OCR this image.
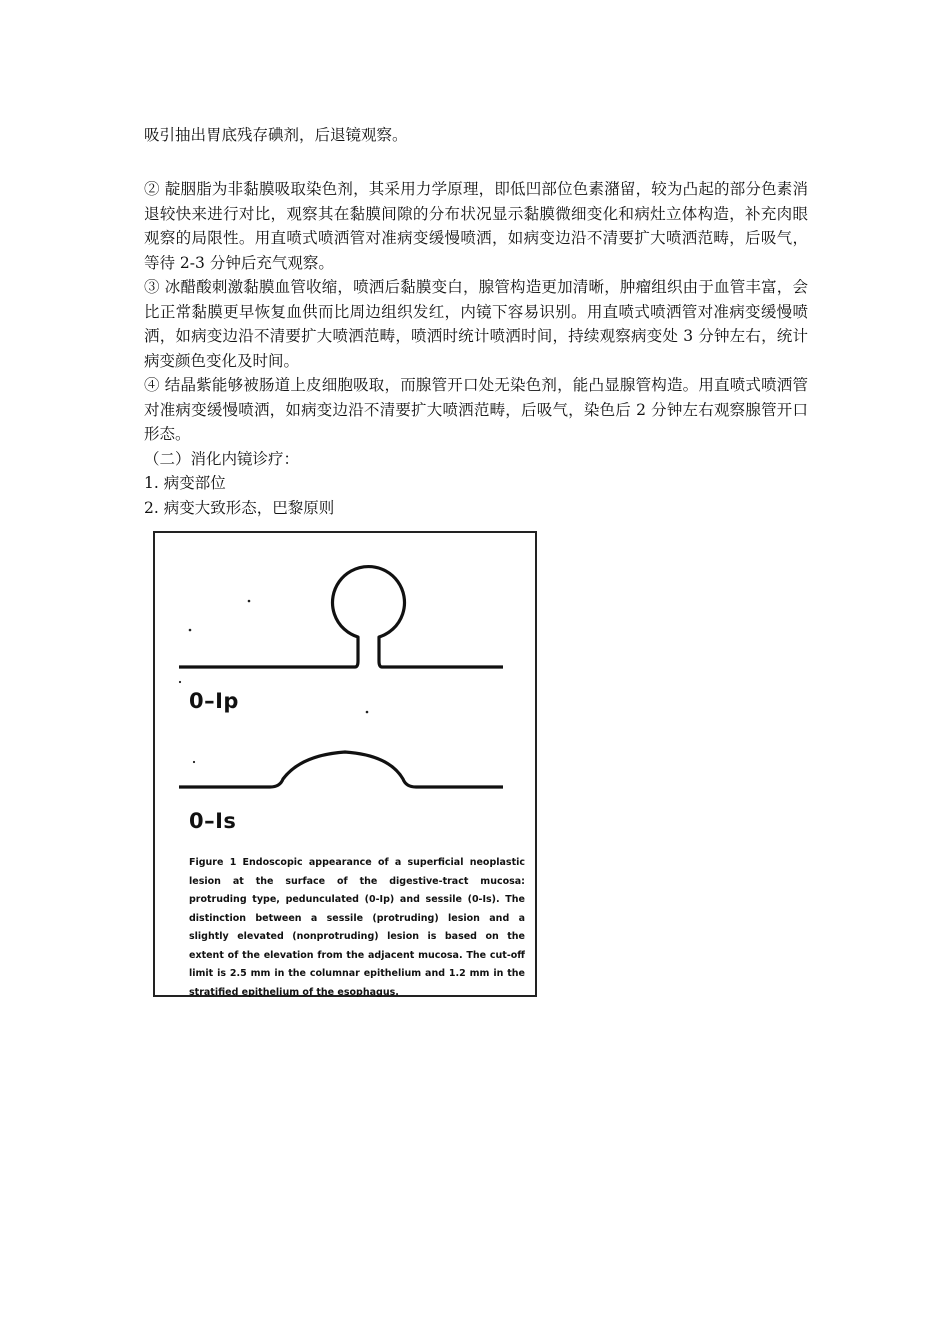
吸引抽出胃底残存碘剂，后退镜观察。

② 靛胭脂为非黏膜吸取染色剂，其采用力学原理，即低凹部位色素潴留，较为凸起的部分色素消退较快来进行对比，观察其在黏膜间隙的分布状况显示黏膜微细变化和病灶立体构造，补充肉眼观察的局限性。用直喷式喷洒管对准病变缓慢喷洒，如病变边沿不清要扩大喷洒范畴，后吸气，等待 2-3 分钟后充气观察。

③ 冰醋酸刺激黏膜血管收缩，喷洒后黏膜变白，腺管构造更加清晰，肿瘤组织由于血管丰富，会比正常黏膜更早恢复血供而比周边组织发红，内镜下容易识别。用直喷式喷洒管对准病变缓慢喷洒，如病变边沿不清要扩大喷洒范畴，喷洒时统计喷洒时间，持续观察病变处 3 分钟左右，统计病变颜色变化及时间。

④ 结晶紫能够被肠道上皮细胞吸取，而腺管开口处无染色剂，能凸显腺管构造。用直喷式喷洒管对准病变缓慢喷洒，如病变边沿不清要扩大喷洒范畴，后吸气，染色后 2 分钟左右观察腺管开口形态。

（二）消化内镜诊疗：

1. 病变部位

2. 病变大致形态，巴黎原则

0–Ip
0–Is
Figure 1 Endoscopic appearance of a superficial neoplastic lesion at the surface of the digestive-tract mucosa: protruding type, pedunculated (0-Ip) and sessile (0-Is). The distinction between a sessile (protruding) lesion and a slightly elevated (nonprotruding) lesion is based on the extent of the elevation from the adjacent mucosa. The cut-off limit is 2.5 mm in the columnar epithelium and 1.2 mm in the stratified epithelium of the esophagus.
